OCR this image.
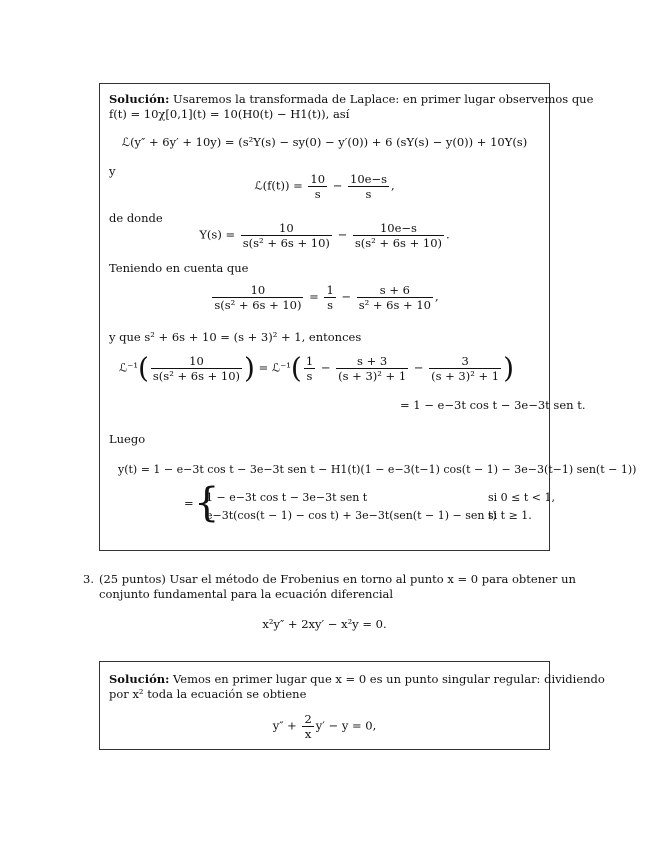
Solución: Usaremos la transformada de Laplace: en primer lugar observemos que
f(t) = 10χ[0,1](t) = 10(H0(t) − H1(t)), así
ℒ(y″ + 6y′ + 10y) = (s²Y(s) − sy(0) − y′(0)) + 6 (sY(s) − y(0)) + 10Y(s)
y
ℒ(f(t)) = $\frac{10}{s} - \frac{10e-s}{s}$ ,
de donde
$Y(s) = \frac{10}{\text{s(s² + 6s + 10)}} - \frac{10e-s}{\text{s(s² + 6s + 10)}}$ .
Teniendo en cuenta que
$\frac{10}{\text{s(s² + 6s + 10)}} = \frac{1}{s} - \frac{s + 6}{\text{s² + 6s + 10}}$ ,
y que s² + 6s + 10 = (s + 3)² + 1, entonces
ℒ⁻¹( $\frac{10}{\text{s(s² + 6s + 10)}}$ ) = ℒ⁻¹( $\frac{1}{s} - \frac{s + 3}{\text{(s + 3)² + 1}} - \frac{3}{\text{(s + 3)² + 1}}$ )
= 1 − e−3t cos t − 3e−3t sen t.
Luego
y(t) = 1 − e−3t cos t − 3e−3t sen t − H1(t)(1 − e−3(t−1) cos(t − 1) − 3e−3(t−1) sen(t − 1))
= {
1 − e−3t cos t − 3e−3t sen t	si 0 ≤ t < 1,
e−3t(cos(t − 1) − cos t) + 3e−3t(sen(t − 1) − sen t)
si t ≥ 1.
3. (25 puntos) Usar el método de Frobenius en torno al punto x = 0 para obtener un
conjunto fundamental para la ecuación diferencial
x²y″ + 2xy′ − x²y = 0.
Solución: Vemos en primer lugar que x = 0 es un punto singular regular: dividiendo
por x² toda la ecuación se obtiene
$y'' + \frac{2}{x} y' - y = 0$,
